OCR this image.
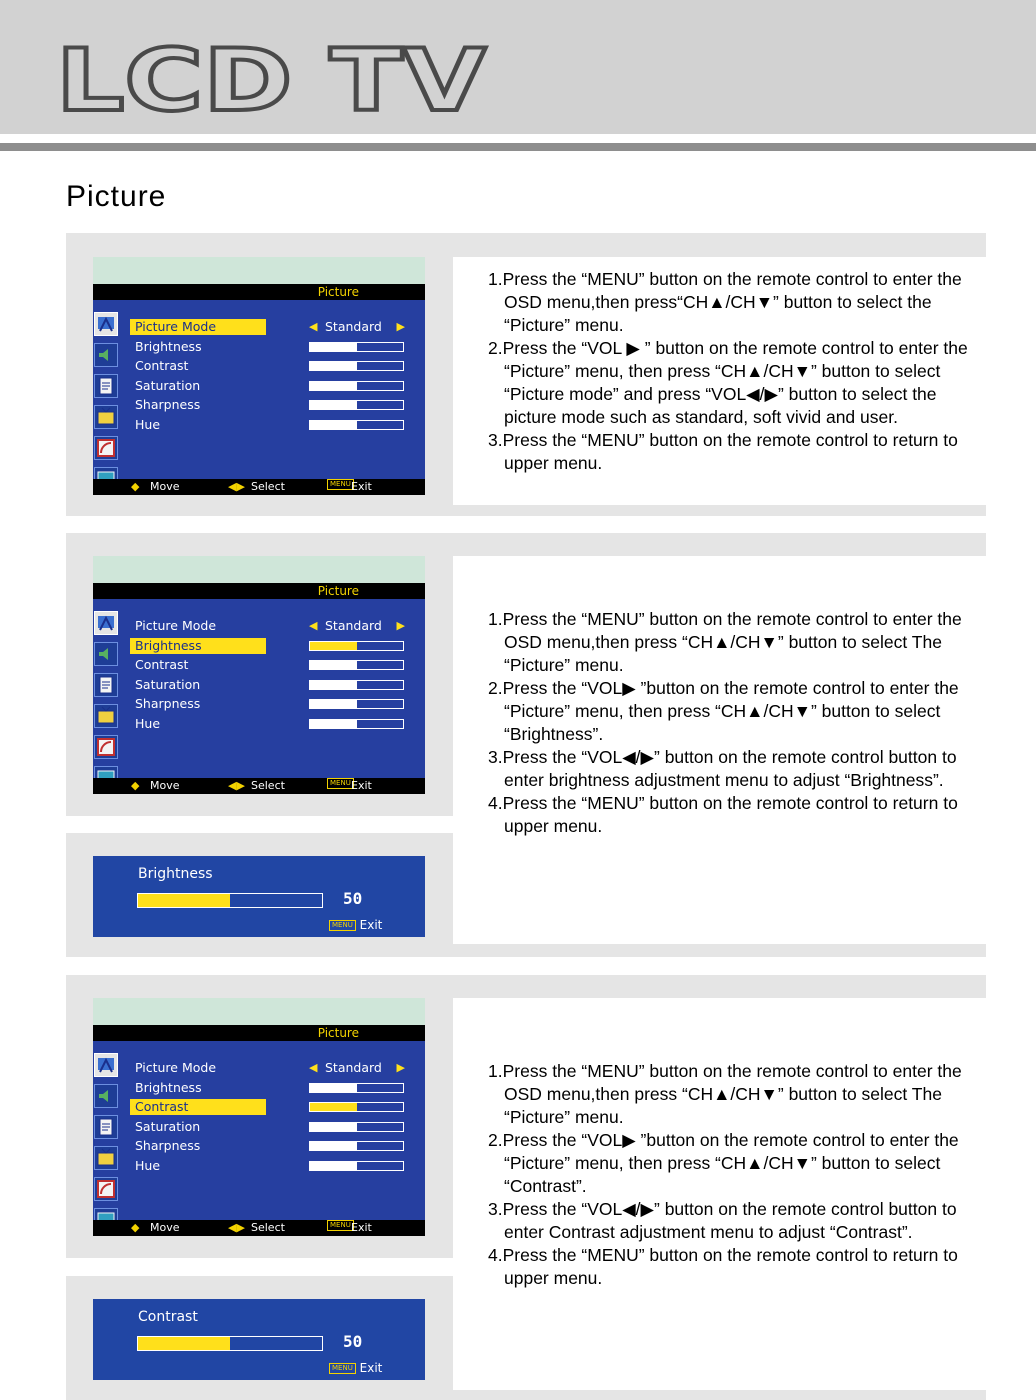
LCD TV
Picture
Picture
Picture Mode	◀ Standard ▶
Brightness
Contrast
Saturation
Sharpness
Hue
◆ Move	◀▶ Select	MENU Exit
Picture
Picture Mode	◀ Standard ▶
Brightness
Contrast
Saturation
Sharpness
Hue
◆ Move	◀▶ Select	MENU Exit
Picture
Picture Mode	◀ Standard ▶
Brightness
Contrast
Saturation
Sharpness
Hue
◆ Move	◀▶ Select	MENU Exit
Brightness
50
MENU Exit
Contrast
50
MENU Exit
1.Press the “MENU” button on the remote control to enter the OSD menu,then press“CH▲/CH▼” button to select the “Picture” menu.
2.Press the “VOL ▶ ” button on the remote control to enter the “Picture” menu, then press “CH▲/CH▼” button to select “Picture mode” and press “VOL◀/▶” button to select the picture mode such as standard, soft vivid and user.
3.Press the “MENU” button on the remote control to return to upper menu.
1.Press the “MENU” button on the remote control to enter the OSD menu,then press “CH▲/CH▼” button to select The “Picture” menu.
2.Press the “VOL▶ ”button on the remote control to enter the “Picture” menu, then press “CH▲/CH▼” button to select “Brightness”.
3.Press the “VOL◀/▶” button on the remote control button to enter brightness adjustment menu to adjust “Brightness”.
4.Press the “MENU” button on the remote control to return to upper menu.
1.Press the “MENU” button on the remote control to enter the OSD menu,then press “CH▲/CH▼” button to select The “Picture” menu.
2.Press the “VOL▶ ”button on the remote control to enter the “Picture” menu, then press “CH▲/CH▼” button to select “Contrast”.
3.Press the “VOL◀/▶” button on the remote control button to enter Contrast adjustment menu to adjust “Contrast”.
4.Press the “MENU” button on the remote control to return to upper menu.
